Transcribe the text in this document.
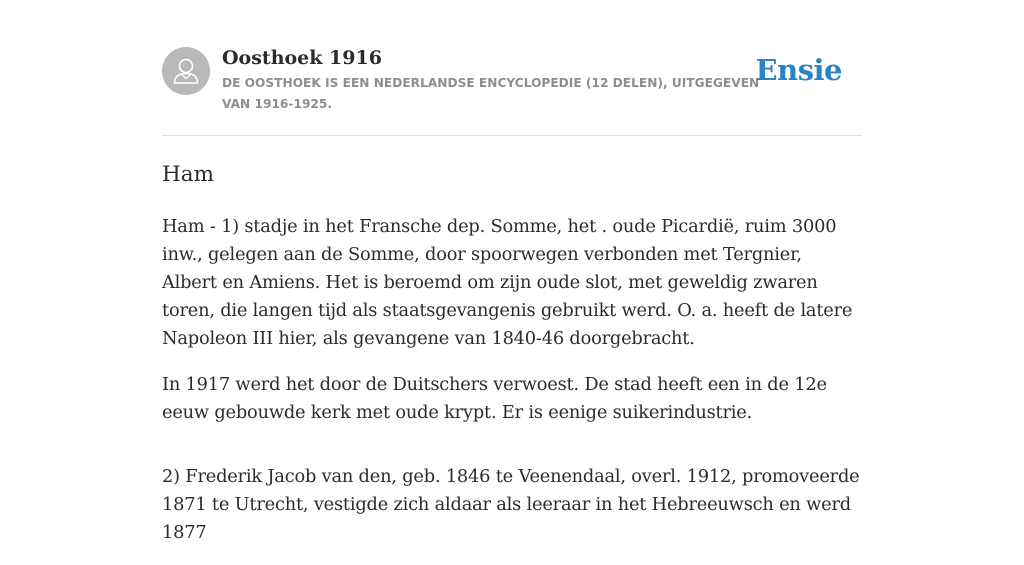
Oosthoek 1916

DE OOSTHOEK IS EEN NEDERLANDSE ENCYCLOPEDIE (12 DELEN), UITGEGEVEN VAN 1916-1925.

Ensie
Ham

Ham - 1) stadje in het Fransche dep. Somme, het . oude Picardië, ruim 3000 inw., gelegen aan de Somme, door spoorwegen verbonden met Tergnier, Albert en Amiens. Het is beroemd om zijn oude slot, met geweldig zwaren toren, die langen tijd als staatsgevangenis gebruikt werd. O. a. heeft de latere Napoleon III hier, als gevangene van 1840-46 doorgebracht.

In 1917 werd het door de Duitschers verwoest. De stad heeft een in de 12e eeuw gebouwde kerk met oude krypt. Er is eenige suikerindustrie.

2) Frederik Jacob van den, geb. 1846 te Veenendaal, overl. 1912, promoveerde 1871 te Utrecht, vestigde zich aldaar als leeraar in het Hebreeuwsch en werd 1877
